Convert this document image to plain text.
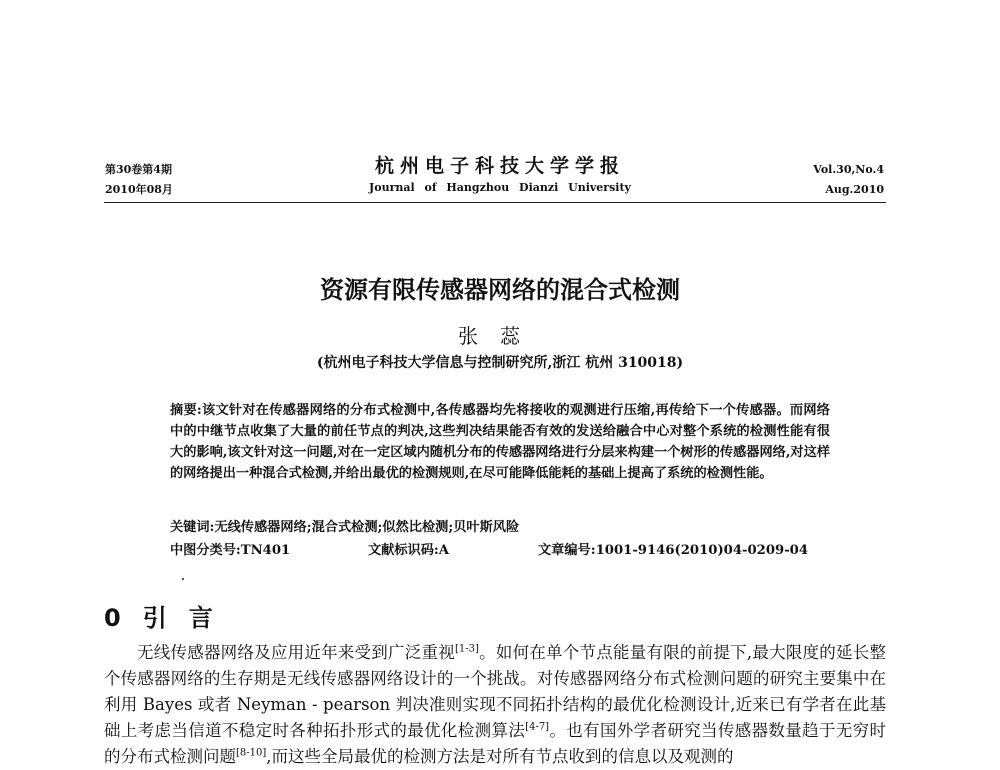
第30卷第4期
2010年08月
杭州电子科技大学学报
Journal of Hangzhou Dianzi University
Vol.30,No.4
Aug.2010
资源有限传感器网络的混合式检测
张蕊
(杭州电子科技大学信息与控制研究所,浙江 杭州 310018)
摘要:该文针对在传感器网络的分布式检测中,各传感器均先将接收的观测进行压缩,再传给下一个传感器。而网络中的中继节点收集了大量的前任节点的判决,这些判决结果能否有效的发送给融合中心对整个系统的检测性能有很大的影响,该文针对这一问题,对在一定区域内随机分布的传感器网络进行分层来构建一个树形的传感器网络,对这样的网络提出一种混合式检测,并给出最优的检测规则,在尽可能降低能耗的基础上提高了系统的检测性能。
关键词:无线传感器网络;混合式检测;似然比检测;贝叶斯风险
中图分类号:TN401	文献标识码:A	文章编号:1001-9146(2010)04-0209-04
0 引言

无线传感器网络及应用近年来受到广泛重视[1-3]。如何在单个节点能量有限的前提下,最大限度的延长整个传感器网络的生存期是无线传感器网络设计的一个挑战。对传感器网络分布式检测问题的研究主要集中在利用 Bayes 或者 Neyman - pearson 判决准则实现不同拓扑结构的最优化检测设计,近来已有学者在此基础上考虑当信道不稳定时各种拓扑形式的最优化检测算法[4-7]。也有国外学者研究当传感器数量趋于无穷时的分布式检测问题[8-10],而这些全局最优的检测方法是对所有节点收到的信息以及观测的
